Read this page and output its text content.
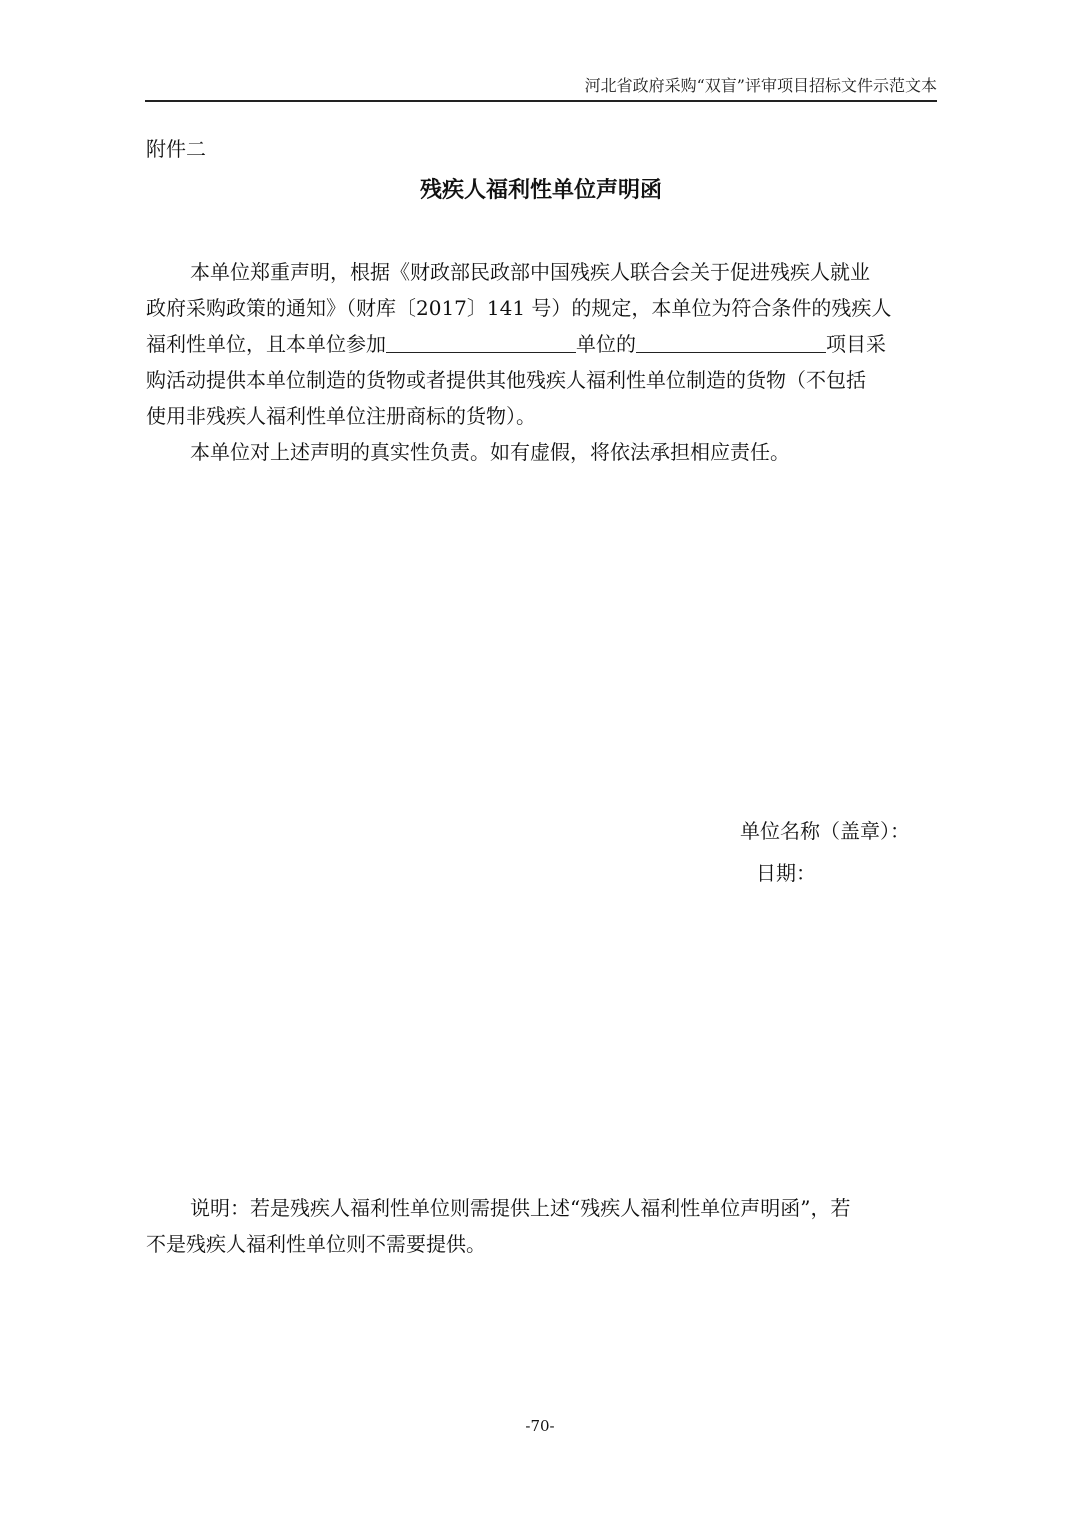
河北省政府采购“双盲”评审项目招标文件示范文本
附件二
残疾人福利性单位声明函
本单位郑重声明，根据《财政部民政部中国残疾人联合会关于促进残疾人就业
政府采购政策的通知》（财库〔2017〕141 号）的规定，本单位为符合条件的残疾人
福利性单位，且本单位参加	单位的	项目采
购活动提供本单位制造的货物或者提供其他残疾人福利性单位制造的货物（不包括
使用非残疾人福利性单位注册商标的货物）。
本单位对上述声明的真实性负责。如有虚假，将依法承担相应责任。
单位名称（盖章）：
日期：
说明：若是残疾人福利性单位则需提供上述“残疾人福利性单位声明函”，若
不是残疾人福利性单位则不需要提供。
-70-
